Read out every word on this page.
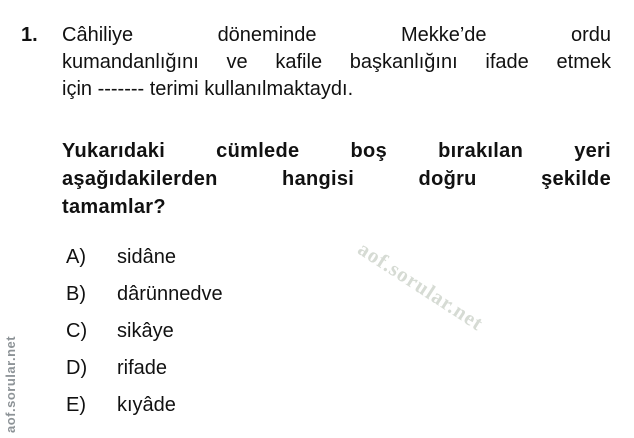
aof.sorular.net
aof.sorular.net
1. Câhiliye döneminde Mekke’de ordu
kumandanlığını ve kafile başkanlığını ifade etmek
için ------- terimi kullanılmaktaydı.
Yukarıdaki cümlede boş bırakılan yeri
aşağıdakilerden hangisi doğru şekilde
tamamlar?
A)	sidâne
B)	dârünnedve
C)	sikâye
D)	rifade
E)	kıyâde
